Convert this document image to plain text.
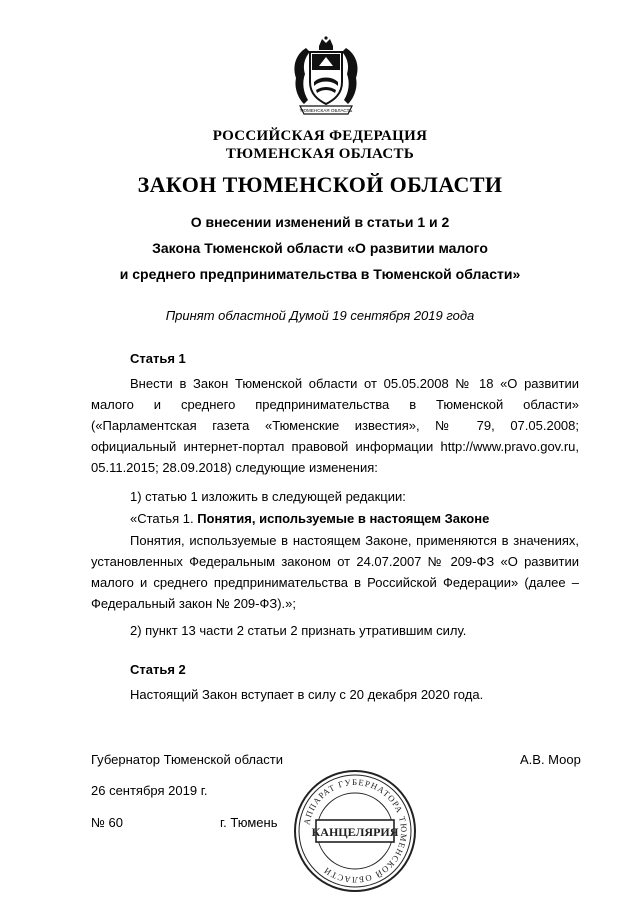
ТЮМЕНСКАЯ ОБЛАСТЬ
РОССИЙСКАЯ ФЕДЕРАЦИЯ
ТЮМЕНСКАЯ ОБЛАСТЬ
ЗАКОН ТЮМЕНСКОЙ ОБЛАСТИ
О внесении изменений в статьи 1 и 2
Закона Тюменской области «О развитии малого
и среднего предпринимательства в Тюменской области»
Принят областной Думой 19 сентября 2019 года
Статья 1
Внести в Закон Тюменской области от 05.05.2008 № 18 «О развитии малого и среднего предпринимательства в Тюменской области» («Парламентская газета «Тюменские известия», № 79, 07.05.2008; официальный интернет-портал правовой информации http://www.pravo.gov.ru, 05.11.2015; 28.09.2018) следующие изменения:
1) статью 1 изложить в следующей редакции:
«Статья 1. Понятия, используемые в настоящем Законе
Понятия, используемые в настоящем Законе, применяются в значениях, установленных Федеральным законом от 24.07.2007 № 209-ФЗ «О развитии малого и среднего предпринимательства в Российской Федерации» (далее – Федеральный закон № 209-ФЗ).»;
2) пункт 13 части 2 статьи 2 признать утратившим силу.
Статья 2
Настоящий Закон вступает в силу с 20 декабря 2020 года.
Губернатор Тюменской области	А.В. Моор
26 сентября 2019 г.
№ 60	г. Тюмень	АППАРАТ ГУБЕРНАТОРА ТЮМЕНСКОЙ ОБЛАСТИ
КАНЦЕЛЯРИЯ
